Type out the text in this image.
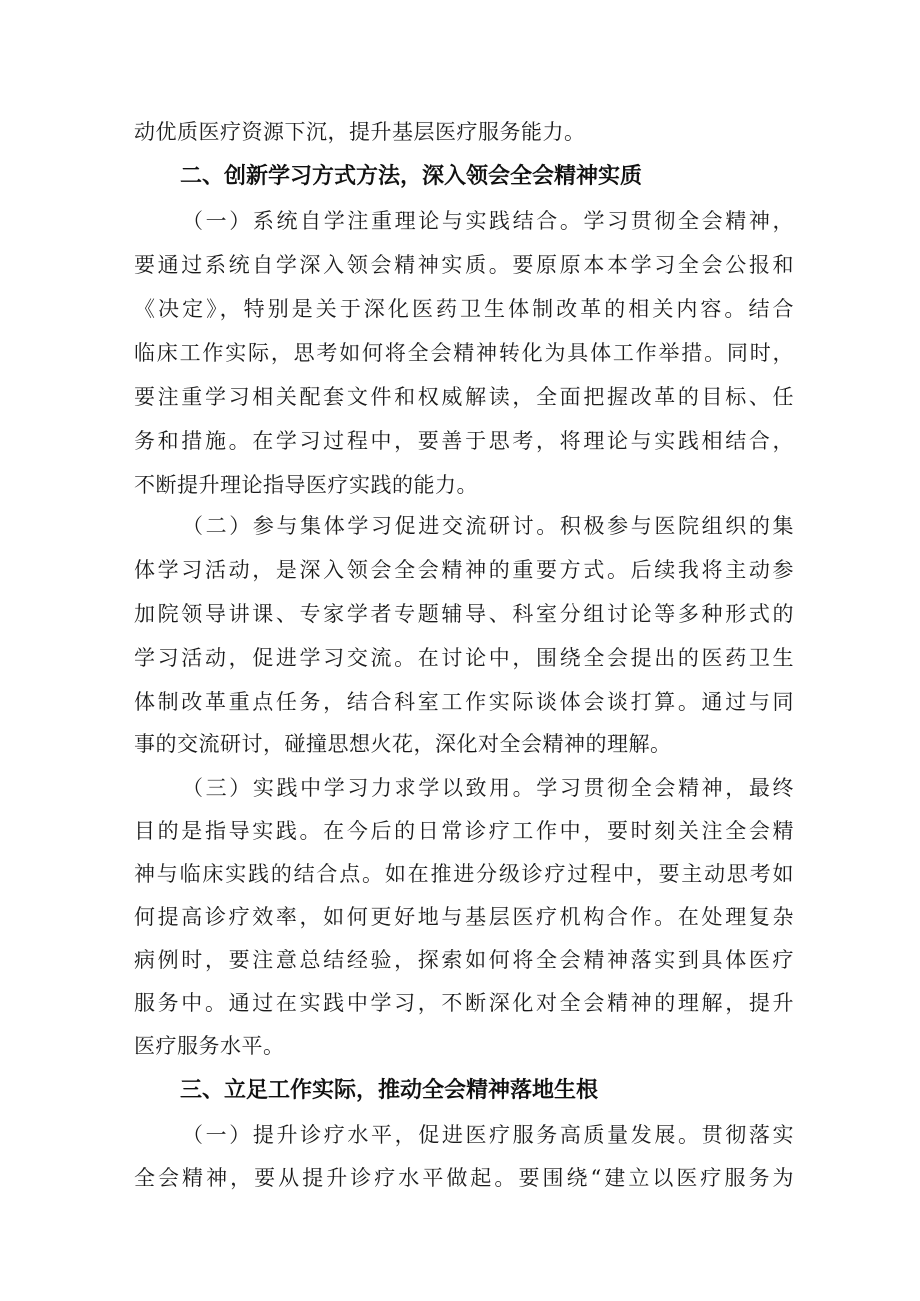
动优质医疗资源下沉，提升基层医疗服务能力。
二、创新学习方式方法，深入领会全会精神实质
（一）系统自学注重理论与实践结合。学习贯彻全会精神，
要通过系统自学深入领会精神实质。要原原本本学习全会公报和
《决定》，特别是关于深化医药卫生体制改革的相关内容。结合
临床工作实际，思考如何将全会精神转化为具体工作举措。同时，
要注重学习相关配套文件和权威解读，全面把握改革的目标、任
务和措施。在学习过程中，要善于思考，将理论与实践相结合，
不断提升理论指导医疗实践的能力。
（二）参与集体学习促进交流研讨。积极参与医院组织的集
体学习活动，是深入领会全会精神的重要方式。后续我将主动参
加院领导讲课、专家学者专题辅导、科室分组讨论等多种形式的
学习活动，促进学习交流。在讨论中，围绕全会提出的医药卫生
体制改革重点任务，结合科室工作实际谈体会谈打算。通过与同
事的交流研讨，碰撞思想火花，深化对全会精神的理解。
（三）实践中学习力求学以致用。学习贯彻全会精神，最终
目的是指导实践。在今后的日常诊疗工作中，要时刻关注全会精
神与临床实践的结合点。如在推进分级诊疗过程中，要主动思考如
何提高诊疗效率，如何更好地与基层医疗机构合作。在处理复杂
病例时，要注意总结经验，探索如何将全会精神落实到具体医疗
服务中。通过在实践中学习，不断深化对全会精神的理解，提升
医疗服务水平。
三、立足工作实际，推动全会精神落地生根
（一）提升诊疗水平，促进医疗服务高质量发展。贯彻落实
全会精神，要从提升诊疗水平做起。要围绕“建立以医疗服务为
